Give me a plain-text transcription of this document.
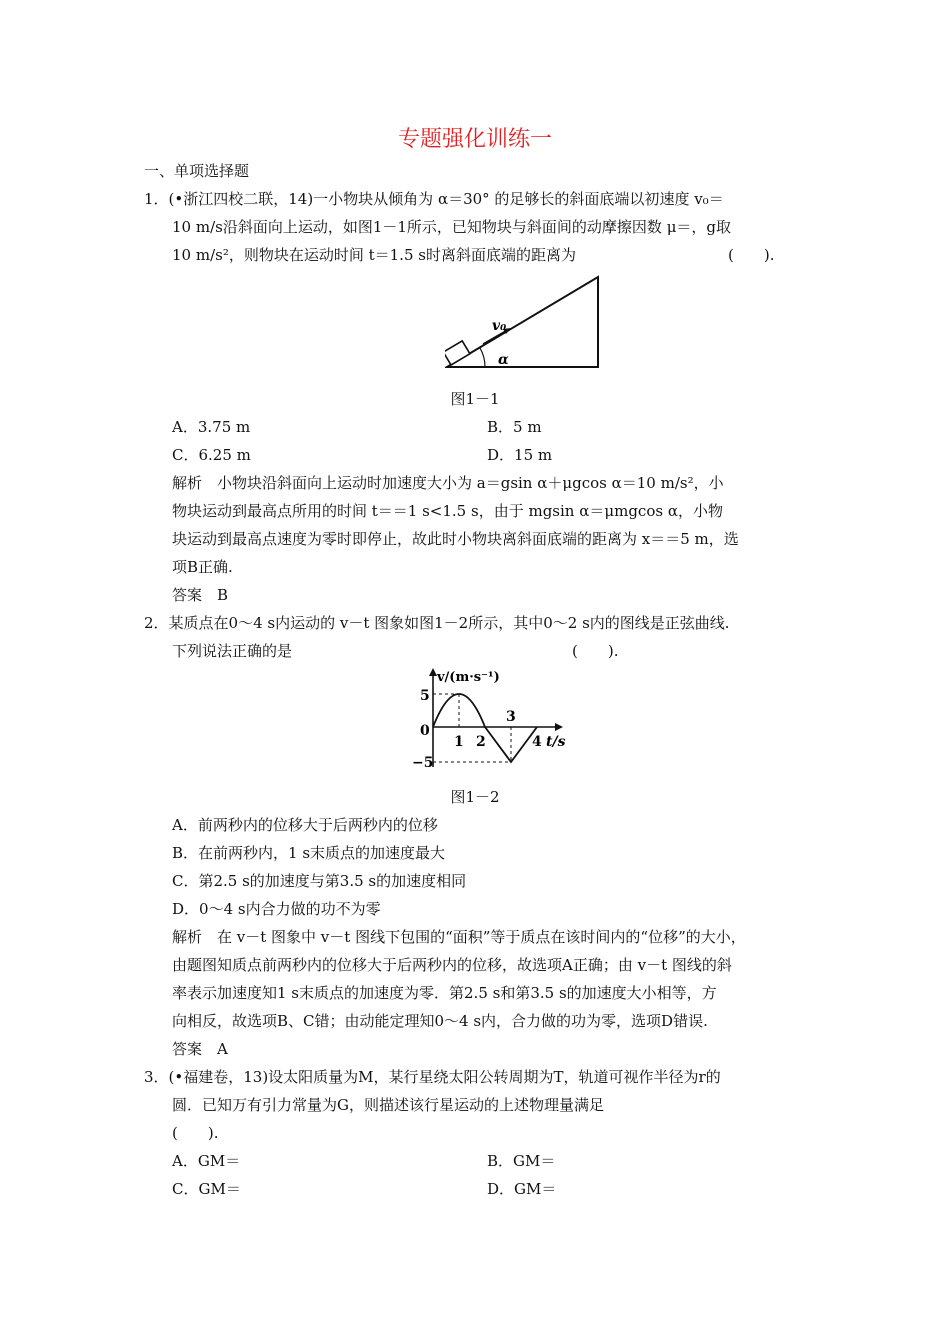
专题强化训练一
一、单项选择题
1．(•浙江四校二联，14)一小物块从倾角为 α＝30° 的足够长的斜面底端以初速度 v₀＝
10 m/s沿斜面向上运动，如图1－1所示，已知物块与斜面间的动摩擦因数 μ＝，g取
10 m/s²，则物块在运动时间 t＝1.5 s时离斜面底端的距离为	(　　).
v₀
α
图1－1
A．3.75 m	B．5 m
C．6.25 m	D．15 m
解析　小物块沿斜面向上运动时加速度大小为 a＝gsin α＋μgcos α＝10 m/s²，小
物块运动到最高点所用的时间 t＝＝1 s<1.5 s，由于 mgsin α＝μmgcos α，小物
块运动到最高点速度为零时即停止，故此时小物块离斜面底端的距离为 x＝＝5 m，选
项B正确.
答案　B
2．某质点在0～4 s内运动的 v－t 图象如图1－2所示，其中0～2 s内的图线是正弦曲线.
下列说法正确的是	(　　).
5
−5
0
1 2
3
4 t/s
v/(m·s⁻¹)
图1－2
A．前两秒内的位移大于后两秒内的位移
B．在前两秒内，1 s末质点的加速度最大
C．第2.5 s的加速度与第3.5 s的加速度相同
D．0～4 s内合力做的功不为零
解析　在 v－t 图象中 v－t 图线下包围的“面积”等于质点在该时间内的“位移”的大小，
由题图知质点前两秒内的位移大于后两秒内的位移，故选项A正确；由 v－t 图线的斜
率表示加速度知1 s末质点的加速度为零．第2.5 s和第3.5 s的加速度大小相等，方
向相反，故选项B、C错；由动能定理知0～4 s内，合力做的功为零，选项D错误.
答案　A
3．(•福建卷，13)设太阳质量为M，某行星绕太阳公转周期为T，轨道可视作半径为r的
圆．已知万有引力常量为G，则描述该行星运动的上述物理量满足
(　　).
A．GM＝	B．GM＝
C．GM＝	D．GM＝
